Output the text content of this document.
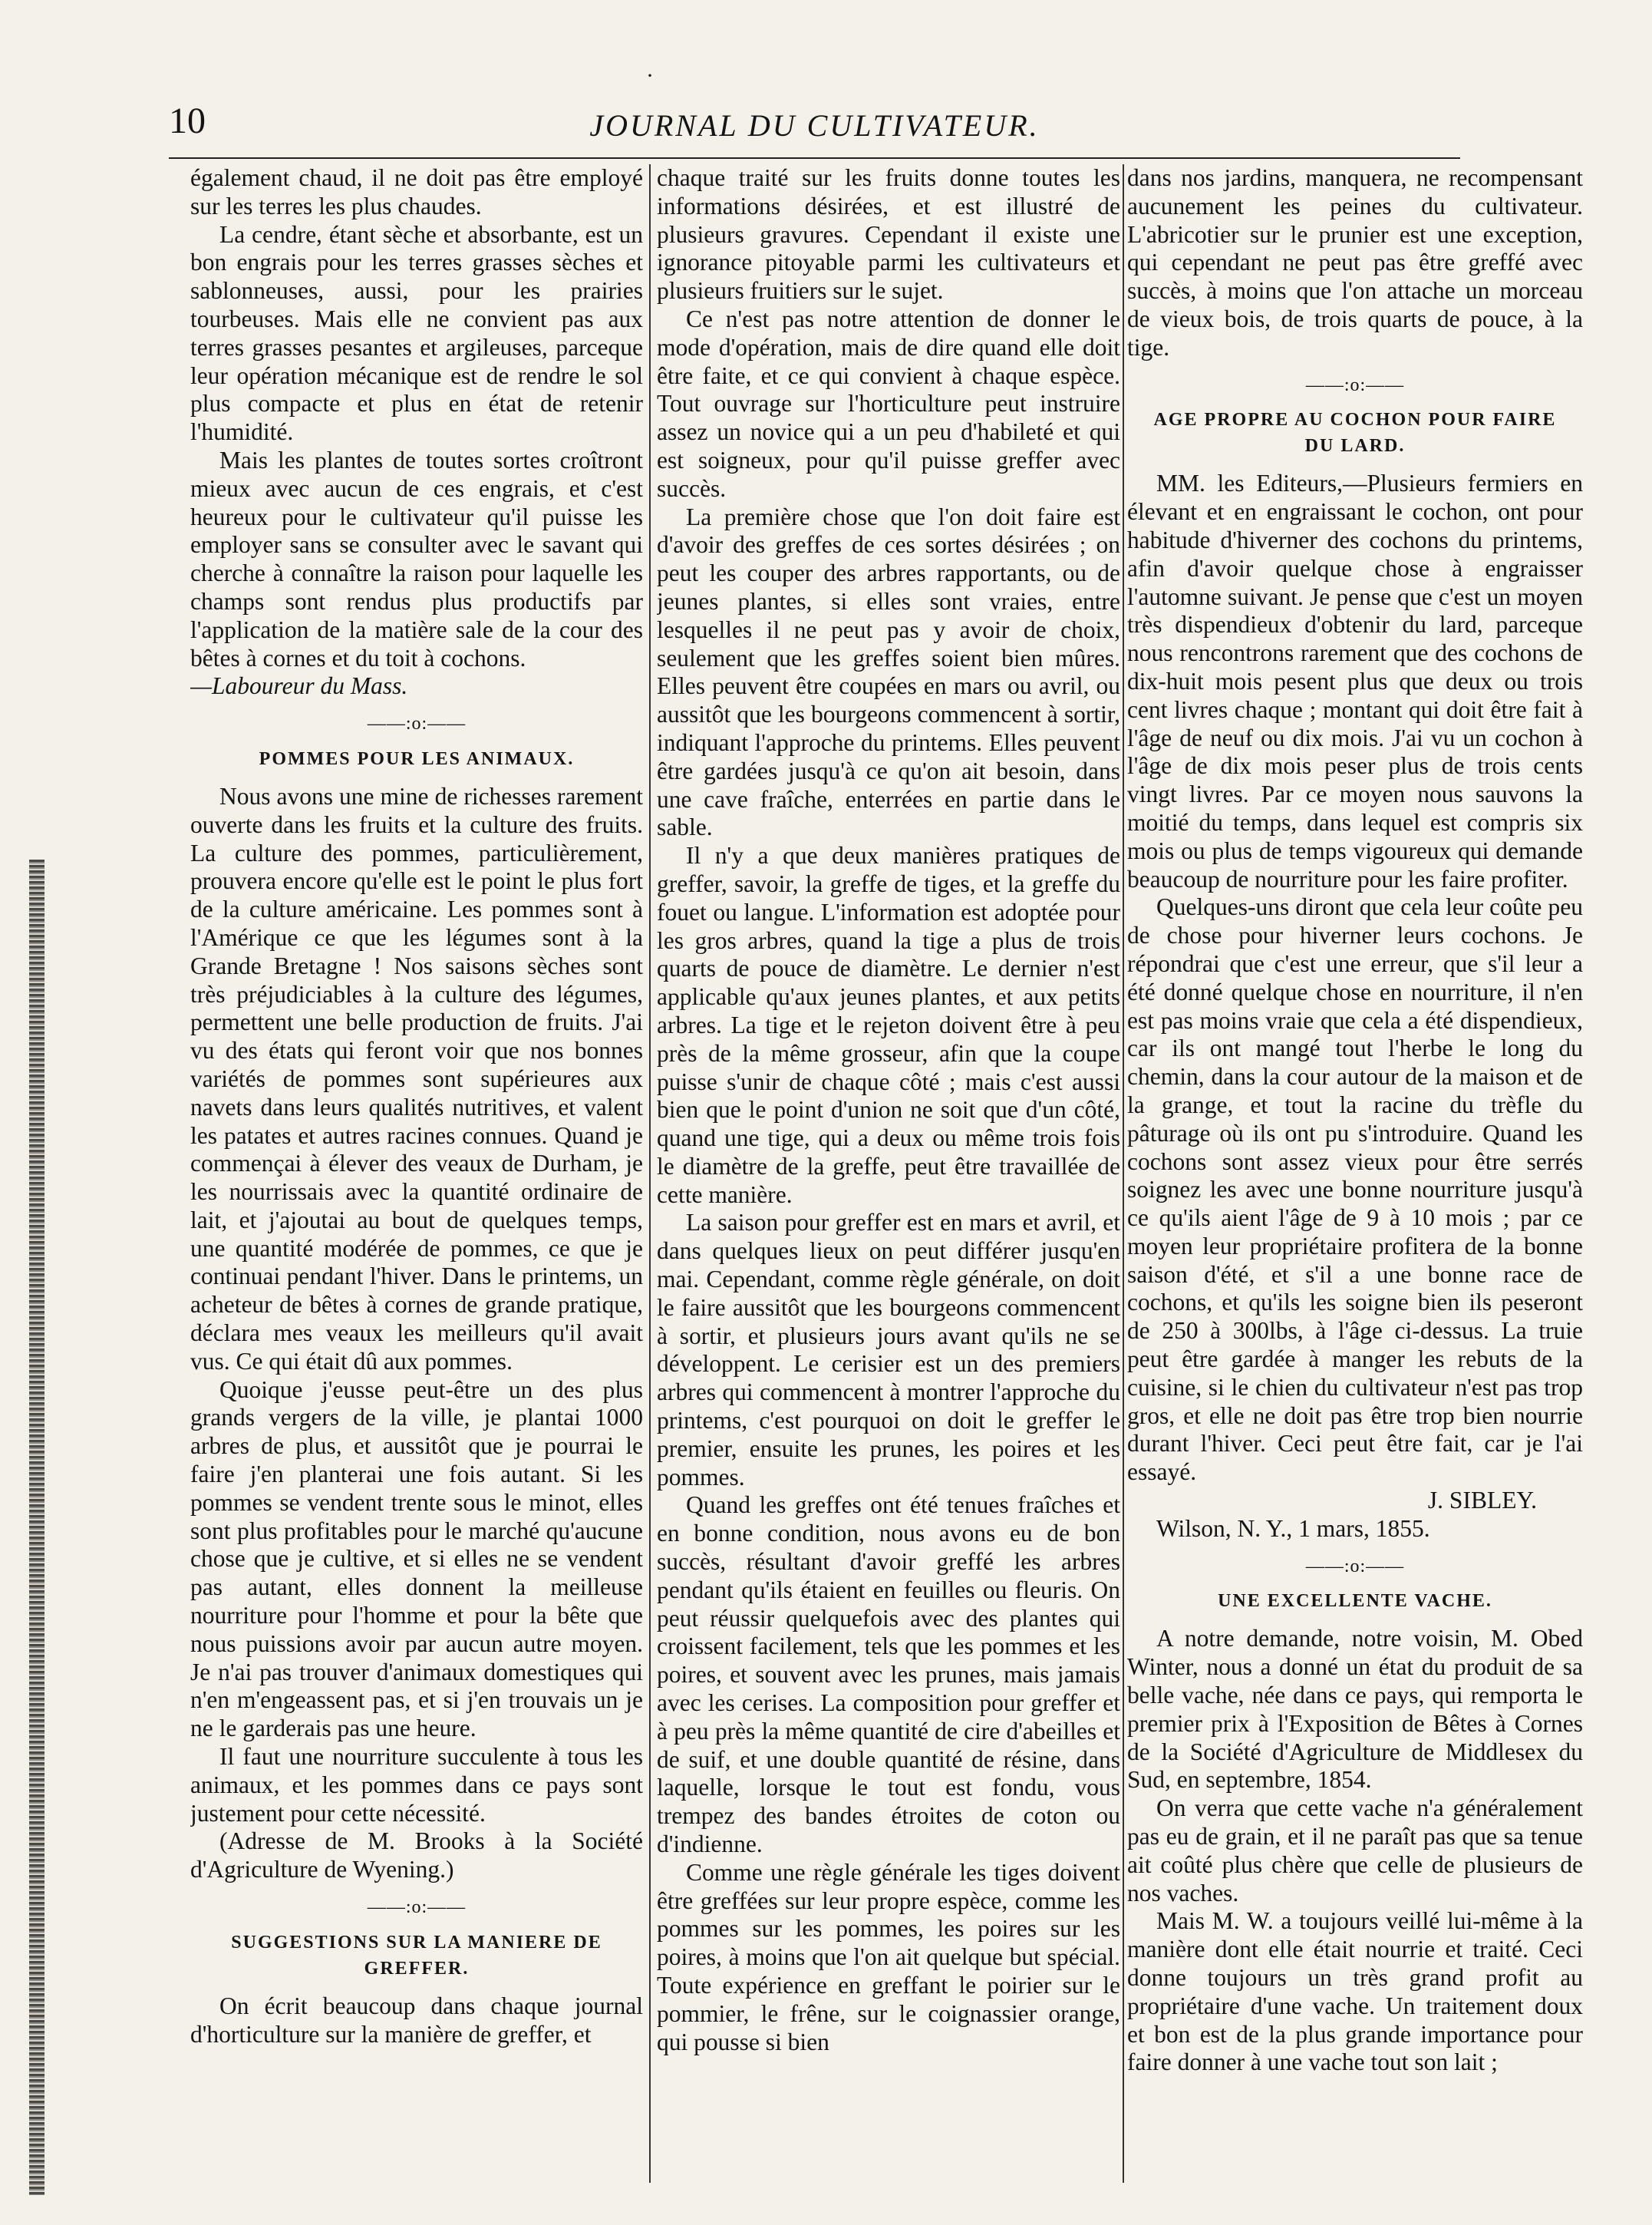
·
10	JOURNAL DU CULTIVATEUR.

également chaud, il ne doit pas être employé sur les terres les plus chaudes.

La cendre, étant sèche et absorbante, est un bon engrais pour les terres grasses sèches et sablonneuses, aussi, pour les prairies tourbeuses. Mais elle ne convient pas aux terres grasses pesantes et argileuses, parceque leur opération mécanique est de rendre le sol plus compacte et plus en état de retenir l'humidité.

Mais les plantes de toutes sortes croîtront mieux avec aucun de ces engrais, et c'est heureux pour le cultivateur qu'il puisse les employer sans se consulter avec le savant qui cherche à connaître la raison pour laquelle les champs sont rendus plus productifs par l'application de la matière sale de la cour des bêtes à cornes et du toit à cochons.

—Laboureur du Mass.

——:o:——
POMMES POUR LES ANIMAUX.

Nous avons une mine de richesses rarement ouverte dans les fruits et la culture des fruits. La culture des pommes, particulièrement, prouvera encore qu'elle est le point le plus fort de la culture américaine. Les pommes sont à l'Amérique ce que les légumes sont à la Grande Bretagne ! Nos saisons sèches sont très préjudiciables à la culture des légumes, permettent une belle production de fruits. J'ai vu des états qui feront voir que nos bonnes variétés de pommes sont supérieures aux navets dans leurs qualités nutritives, et valent les patates et autres racines connues. Quand je commençai à élever des veaux de Durham, je les nourrissais avec la quantité ordinaire de lait, et j'ajoutai au bout de quelques temps, une quantité modérée de pommes, ce que je continuai pendant l'hiver. Dans le printems, un acheteur de bêtes à cornes de grande pratique, déclara mes veaux les meilleurs qu'il avait vus. Ce qui était dû aux pommes.

Quoique j'eusse peut-être un des plus grands vergers de la ville, je plantai 1000 arbres de plus, et aussitôt que je pourrai le faire j'en planterai une fois autant. Si les pommes se vendent trente sous le minot, elles sont plus profitables pour le marché qu'aucune chose que je cultive, et si elles ne se vendent pas autant, elles donnent la meilleuse nourriture pour l'homme et pour la bête que nous puissions avoir par aucun autre moyen. Je n'ai pas trouver d'animaux domestiques qui n'en m'engeassent pas, et si j'en trouvais un je ne le garderais pas une heure.

Il faut une nourriture succulente à tous les animaux, et les pommes dans ce pays sont justement pour cette nécessité.

(Adresse de M. Brooks à la Société d'Agriculture de Wyening.)

——:o:——
SUGGESTIONS SUR LA MANIERE DE GREFFER.

On écrit beaucoup dans chaque journal d'horticulture sur la manière de greffer, et

chaque traité sur les fruits donne toutes les informations désirées, et est illustré de plusieurs gravures. Cependant il existe une ignorance pitoyable parmi les cultivateurs et plusieurs fruitiers sur le sujet.

Ce n'est pas notre attention de donner le mode d'opération, mais de dire quand elle doit être faite, et ce qui convient à chaque espèce. Tout ouvrage sur l'horticulture peut instruire assez un novice qui a un peu d'habileté et qui est soigneux, pour qu'il puisse greffer avec succès.

La première chose que l'on doit faire est d'avoir des greffes de ces sortes désirées ; on peut les couper des arbres rapportants, ou de jeunes plantes, si elles sont vraies, entre lesquelles il ne peut pas y avoir de choix, seulement que les greffes soient bien mûres. Elles peuvent être coupées en mars ou avril, ou aussitôt que les bourgeons commencent à sortir, indiquant l'approche du printems. Elles peuvent être gardées jusqu'à ce qu'on ait besoin, dans une cave fraîche, enterrées en partie dans le sable.

Il n'y a que deux manières pratiques de greffer, savoir, la greffe de tiges, et la greffe du fouet ou langue. L'information est adoptée pour les gros arbres, quand la tige a plus de trois quarts de pouce de diamètre. Le dernier n'est applicable qu'aux jeunes plantes, et aux petits arbres. La tige et le rejeton doivent être à peu près de la même grosseur, afin que la coupe puisse s'unir de chaque côté ; mais c'est aussi bien que le point d'union ne soit que d'un côté, quand une tige, qui a deux ou même trois fois le diamètre de la greffe, peut être travaillée de cette manière.

La saison pour greffer est en mars et avril, et dans quelques lieux on peut différer jusqu'en mai. Cependant, comme règle générale, on doit le faire aussitôt que les bourgeons commencent à sortir, et plusieurs jours avant qu'ils ne se développent. Le cerisier est un des premiers arbres qui commencent à montrer l'approche du printems, c'est pourquoi on doit le greffer le premier, ensuite les prunes, les poires et les pommes.

Quand les greffes ont été tenues fraîches et en bonne condition, nous avons eu de bon succès, résultant d'avoir greffé les arbres pendant qu'ils étaient en feuilles ou fleuris. On peut réussir quelquefois avec des plantes qui croissent facilement, tels que les pommes et les poires, et souvent avec les prunes, mais jamais avec les cerises. La composition pour greffer et à peu près la même quantité de cire d'abeilles et de suif, et une double quantité de résine, dans laquelle, lorsque le tout est fondu, vous trempez des bandes étroites de coton ou d'indienne.

Comme une règle générale les tiges doivent être greffées sur leur propre espèce, comme les pommes sur les pommes, les poires sur les poires, à moins que l'on ait quelque but spécial. Toute expérience en greffant le poirier sur le pommier, le frêne, sur le coignassier orange, qui pousse si bien

dans nos jardins, manquera, ne recompensant aucunement les peines du cultivateur. L'abricotier sur le prunier est une exception, qui cependant ne peut pas être greffé avec succès, à moins que l'on attache un morceau de vieux bois, de trois quarts de pouce, à la tige.

——:o:——
AGE PROPRE AU COCHON POUR FAIRE DU LARD.

MM. les Editeurs,—Plusieurs fermiers en élevant et en engraissant le cochon, ont pour habitude d'hiverner des cochons du printems, afin d'avoir quelque chose à engraisser l'automne suivant. Je pense que c'est un moyen très dispendieux d'obtenir du lard, parceque nous rencontrons rarement que des cochons de dix-huit mois pesent plus que deux ou trois cent livres chaque ; montant qui doit être fait à l'âge de neuf ou dix mois. J'ai vu un cochon à l'âge de dix mois peser plus de trois cents vingt livres. Par ce moyen nous sauvons la moitié du temps, dans lequel est compris six mois ou plus de temps vigoureux qui demande beaucoup de nourriture pour les faire profiter.

Quelques-uns diront que cela leur coûte peu de chose pour hiverner leurs cochons. Je répondrai que c'est une erreur, que s'il leur a été donné quelque chose en nourriture, il n'en est pas moins vraie que cela a été dispendieux, car ils ont mangé tout l'herbe le long du chemin, dans la cour autour de la maison et de la grange, et tout la racine du trèfle du pâturage où ils ont pu s'introduire. Quand les cochons sont assez vieux pour être serrés soignez les avec une bonne nourriture jusqu'à ce qu'ils aient l'âge de 9 à 10 mois ; par ce moyen leur propriétaire profitera de la bonne saison d'été, et s'il a une bonne race de cochons, et qu'ils les soigne bien ils peseront de 250 à 300lbs, à l'âge ci-dessus. La truie peut être gardée à manger les rebuts de la cuisine, si le chien du cultivateur n'est pas trop gros, et elle ne doit pas être trop bien nourrie durant l'hiver. Ceci peut être fait, car je l'ai essayé.

J. SIBLEY.

Wilson, N. Y., 1 mars, 1855.

——:o:——
UNE EXCELLENTE VACHE.

A notre demande, notre voisin, M. Obed Winter, nous a donné un état du produit de sa belle vache, née dans ce pays, qui remporta le premier prix à l'Exposition de Bêtes à Cornes de la Société d'Agriculture de Middlesex du Sud, en septembre, 1854.

On verra que cette vache n'a généralement pas eu de grain, et il ne paraît pas que sa tenue ait coûté plus chère que celle de plusieurs de nos vaches.

Mais M. W. a toujours veillé lui-même à la manière dont elle était nourrie et traité. Ceci donne toujours un très grand profit au propriétaire d'une vache. Un traitement doux et bon est de la plus grande importance pour faire donner à une vache tout son lait ;
